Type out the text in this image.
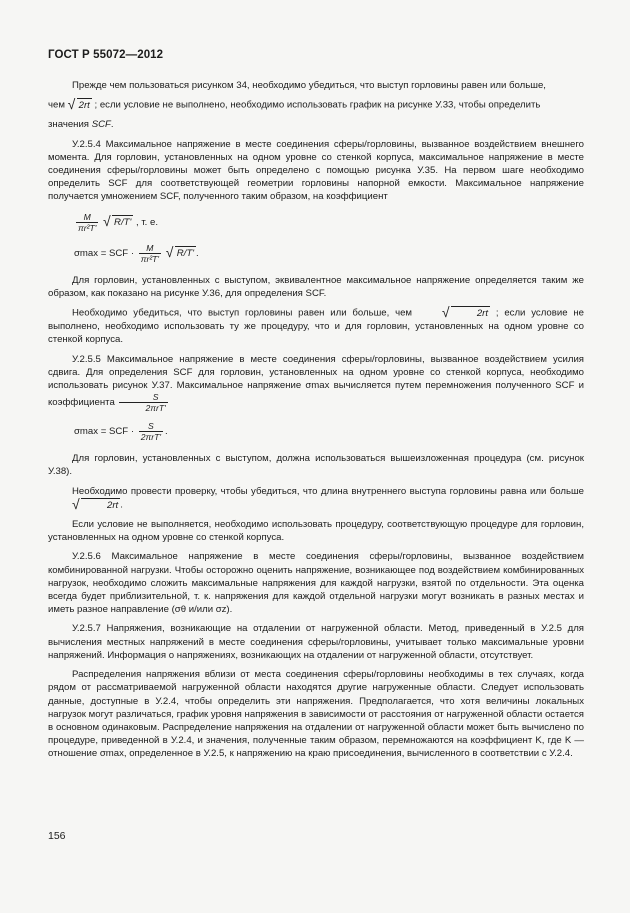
ГОСТ Р 55072—2012

Прежде чем пользоваться рисунком 34, необходимо убедиться, что выступ горловины равен или больше,

чем √ 2rt ; если условие не выполнено, необходимо использовать график на рисунке У.33, чтобы определить

значения SCF.

У.2.5.4 Максимальное напряжение в месте соединения сферы/горловины, вызванное воздействием внешнего момента. Для горловин, установленных на одном уровне со стенкой корпуса, максимальное напряжение в месте соединения сферы/горловины может быть определено с помощью рисунка У.35. На первом шаге необходимо определить SCF для соответствующей геометрии горловины напорной емкости. Максимальное напряжение получается умножением SCF, полученного таким образом, на коэффициент

$\frac{M}{\text{πr²T'}}$
√ R/T' , т. е.

σmax = SCF · $\frac{M}{\text{πr²T'}}$
√ R/T' .

Для горловин, установленных с выступом, эквивалентное максимальное напряжение определяется таким же образом, как показано на рисунке У.36, для определения SCF.

Необходимо убедиться, что выступ горловины равен или больше, чем	√	2rt ; если условие не выполнено, необходимо использовать ту же процедуру, что и для горловин, установленных на одном уровне со стенкой корпуса.

У.2.5.5 Максимальное напряжение в месте соединения сферы/горловины, вызванное воздействием усилия сдвига. Для определения SCF для горловин, установленных на одном уровне со стенкой корпуса, необходимо использовать рисунок У.37. Максимальное напряжение σmax вычисляется путем перемножения полученного SCF и коэффициента $\frac{S}{\text{2πrT'}}$

σmax = SCF · $\frac{S}{\text{2πrT'}}$ .

Для горловин, установленных с выступом, должна использоваться вышеизложенная процедура (см. рисунок У.38).

Необходимо провести проверку, чтобы убедиться, что длина внутреннего выступа горловины равна или больше
√	2rt .

Если условие не выполняется, необходимо использовать процедуру, соответствующую процедуре для горловин, установленных на одном уровне со стенкой корпуса.

У.2.5.6 Максимальное напряжение в месте соединения сферы/горловины, вызванное воздействием комбинированной нагрузки. Чтобы осторожно оценить напряжение, возникающее под воздействием комбинированных нагрузок, необходимо сложить максимальные напряжения для каждой нагрузки, взятой по отдельности. Эта оценка всегда будет приблизительной, т. к. напряжения для каждой отдельной нагрузки могут возникать в разных местах и иметь разное направление (σθ и/или σz).

У.2.5.7 Напряжения, возникающие на отдалении от нагруженной области. Метод, приведенный в У.2.5 для вычисления местных напряжений в месте соединения сферы/горловины, учитывает только максимальные уровни напряжений. Информация о напряжениях, возникающих на отдалении от нагруженной области, отсутствует.

Распределения напряжения вблизи от места соединения сферы/горловины необходимы в тех случаях, когда рядом от рассматриваемой нагруженной области находятся другие нагруженные области. Следует использовать данные, доступные в У.2.4, чтобы определить эти напряжения. Предполагается, что хотя величины локальных нагрузок могут различаться, график уровня напряжения в зависимости от расстояния от нагруженной области остается в основном одинаковым. Распределение напряжения на отдалении от нагруженной области может быть вычислено по процедуре, приведенной в У.2.4, и значения, полученные таким образом, перемножаются на коэффициент K, где K — отношение σmax, определенное в У.2.5, к напряжению на краю присоединения, вычисленного в соответствии с У.2.4.

156
